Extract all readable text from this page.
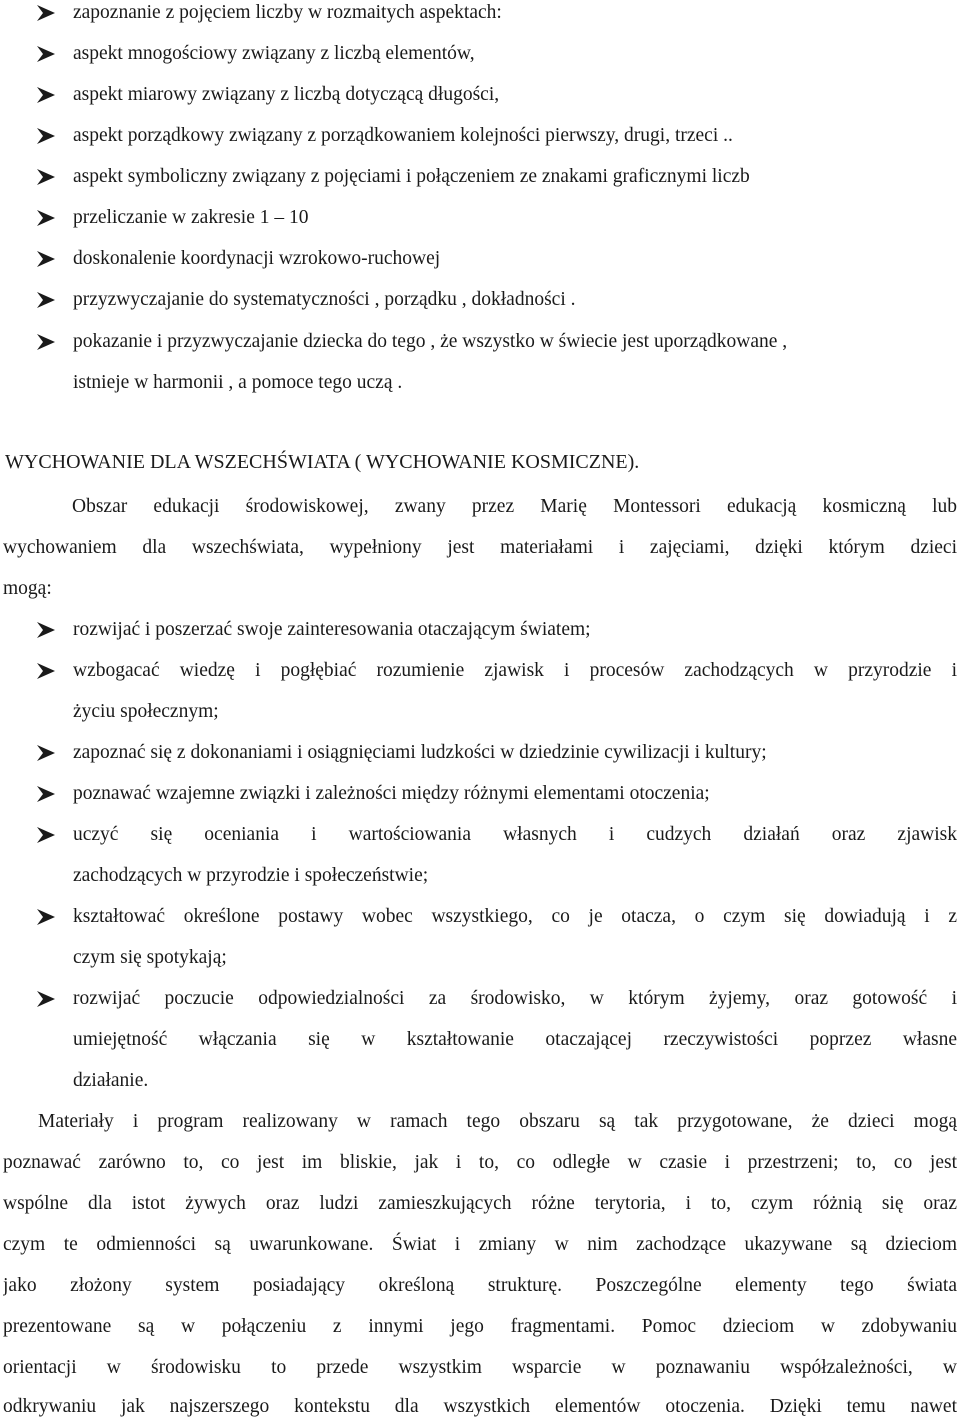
zapoznanie z pojęciem liczby w rozmaitych aspektach:
aspekt mnogościowy związany z liczbą elementów,
aspekt miarowy związany z liczbą dotyczącą długości,
aspekt porządkowy związany z porządkowaniem kolejności pierwszy, drugi, trzeci ..
aspekt symboliczny związany z pojęciami i połączeniem ze znakami graficznymi liczb
przeliczanie w zakresie 1 – 10
doskonalenie koordynacji wzrokowo-ruchowej
przyzwyczajanie do systematyczności , porządku , dokładności .
pokazanie i przyzwyczajanie dziecka do tego , że wszystko w świecie jest uporządkowane ,
istnieje w harmonii , a pomoce tego uczą .
WYCHOWANIE DLA WSZECHŚWIATA ( WYCHOWANIE KOSMICZNE).
Obszar edukacji środowiskowej, zwany przez Marię Montessori edukacją kosmiczną lub
wychowaniem dla wszechświata, wypełniony jest materiałami i zajęciami, dzięki którym dzieci
mogą:
rozwijać i poszerzać swoje zainteresowania otaczającym światem;
wzbogacać wiedzę i pogłębiać rozumienie zjawisk i procesów zachodzących w przyrodzie i
życiu społecznym;
zapoznać się z dokonaniami i osiągnięciami ludzkości w dziedzinie cywilizacji i kultury;
poznawać wzajemne związki i zależności między różnymi elementami otoczenia;
uczyć się oceniania i wartościowania własnych i cudzych działań oraz zjawisk
zachodzących w przyrodzie i społeczeństwie;
kształtować określone postawy wobec wszystkiego, co je otacza, o czym się dowiadują i z
czym się spotykają;
rozwijać poczucie odpowiedzialności za środowisko, w którym żyjemy, oraz gotowość i
umiejętność włączania się w kształtowanie otaczającej rzeczywistości poprzez własne
działanie.
Materiały i program realizowany w ramach tego obszaru są tak przygotowane, że dzieci mogą
poznawać zarówno to, co jest im bliskie, jak i to, co odległe w czasie i przestrzeni; to, co jest
wspólne dla istot żywych oraz ludzi zamieszkujących różne terytoria, i to, czym różnią się oraz
czym te odmienności są uwarunkowane. Świat i zmiany w nim zachodzące ukazywane są dzieciom
jako złożony system posiadający określoną strukturę. Poszczególne elementy tego świata
prezentowane są w połączeniu z innymi jego fragmentami. Pomoc dzieciom w zdobywaniu
orientacji w środowisku to przede wszystkim wsparcie w poznawaniu współzależności, w
odkrywaniu jak najszerszego kontekstu dla wszystkich elementów otoczenia. Dzięki temu nawet
